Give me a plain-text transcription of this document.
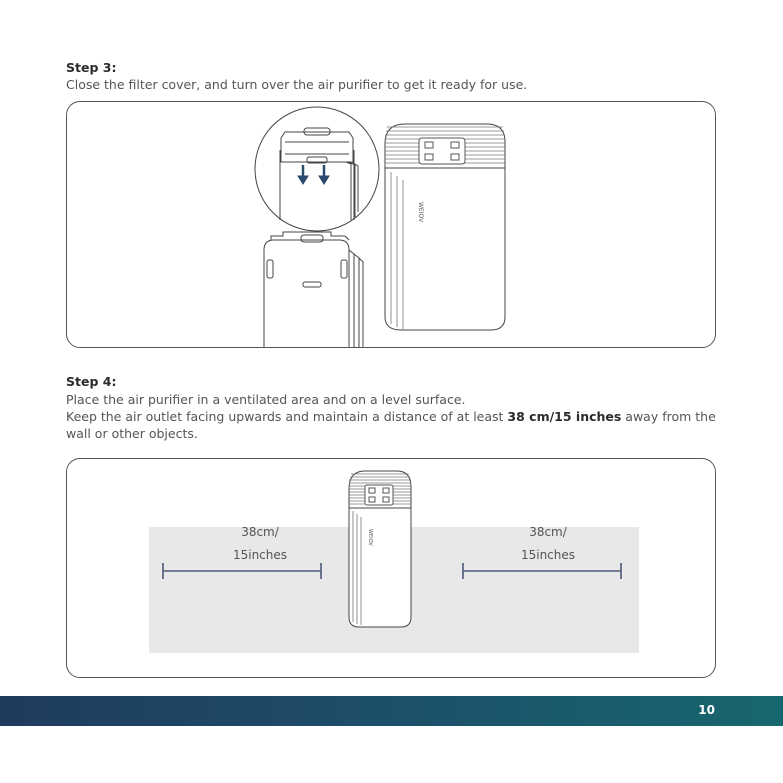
Step 3:
Close the filter cover, and turn over the air purifier to get it ready for use.
WEIOV
Step 4:
Place the air purifier in a ventilated area and on a level surface.
Keep the air outlet facing upwards and maintain a distance of at least 38 cm/15 inches away from the wall or other objects.
38cm/
15inches
38cm/
15inches
WEIOV
10
